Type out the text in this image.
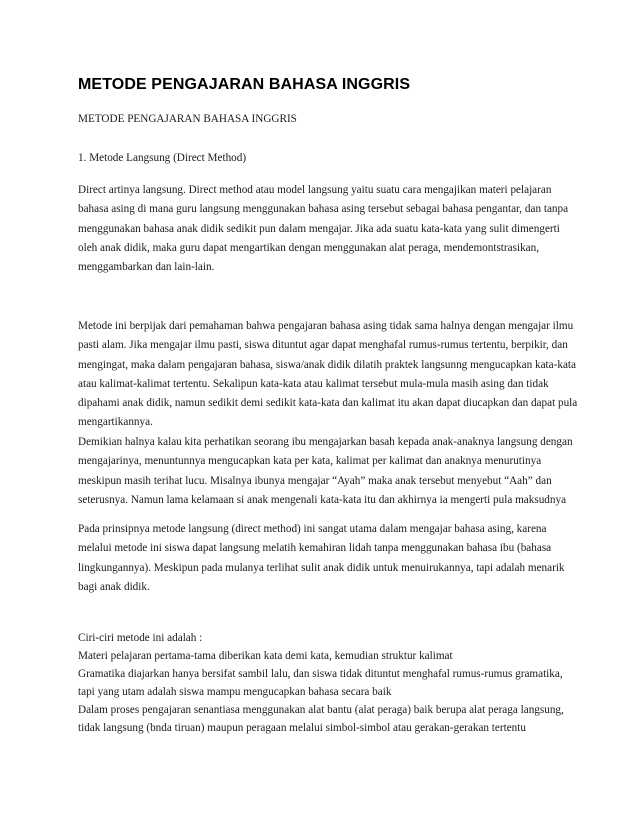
METODE PENGAJARAN BAHASA INGGRIS
METODE PENGAJARAN BAHASA INGGRIS
1. Metode Langsung (Direct Method)

Direct artinya langsung. Direct method atau model langsung yaitu suatu cara mengajikan materi pelajaran bahasa asing di mana guru langsung menggunakan bahasa asing tersebut sebagai bahasa pengantar, dan tanpa menggunakan bahasa anak didik sedikit pun dalam mengajar. Jika ada suatu kata-kata yang sulit dimengerti oleh anak didik, maka guru dapat mengartikan dengan menggunakan alat peraga, mendemontstrasikan, menggambarkan dan lain-lain.

Metode ini berpijak dari pemahaman bahwa pengajaran bahasa asing tidak sama halnya dengan mengajar ilmu pasti alam. Jika mengajar ilmu pasti, siswa dituntut agar dapat menghafal rumus-rumus tertentu, berpikir, dan mengingat, maka dalam pengajaran bahasa, siswa/anak didik dilatih praktek langsunng mengucapkan kata-kata atau kalimat-kalimat tertentu. Sekalipun kata-kata atau kalimat tersebut mula-mula masih asing dan tidak dipahami anak didik, namun sedikit demi sedikit kata-kata dan kalimat itu akan dapat diucapkan dan dapat pula mengartikannya.

Demikian halnya kalau kita perhatikan seorang ibu mengajarkan basah kepada anak-anaknya langsung dengan mengajarinya, menuntunnya mengucapkan kata per kata, kalimat per kalimat dan anaknya menurutinya meskipun masih terihat lucu. Misalnya ibunya mengajar “Ayah” maka anak tersebut menyebut “Aah” dan seterusnya. Namun lama kelamaan si anak mengenali kata-kata itu dan akhirnya ia mengerti pula maksudnya

Pada prinsipnya metode langsung (direct method) ini sangat utama dalam mengajar bahasa asing, karena melalui metode ini siswa dapat langsung melatih kemahiran lidah tanpa menggunakan bahasa ibu (bahasa lingkungannya). Meskipun pada mulanya terlihat sulit anak didik untuk menuirukannya, tapi adalah menarik bagi anak didik.

Ciri-ciri metode ini adalah :
Materi pelajaran pertama-tama diberikan kata demi kata, kemudian struktur kalimat
Gramatika diajarkan hanya bersifat sambil lalu, dan siswa tidak dituntut menghafal rumus-rumus gramatika, tapi yang utam adalah siswa mampu mengucapkan bahasa secara baik
Dalam proses pengajaran senantiasa menggunakan alat bantu (alat peraga) baik berupa alat peraga langsung, tidak langsung (bnda tiruan) maupun peragaan melalui simbol-simbol atau gerakan-gerakan tertentu
